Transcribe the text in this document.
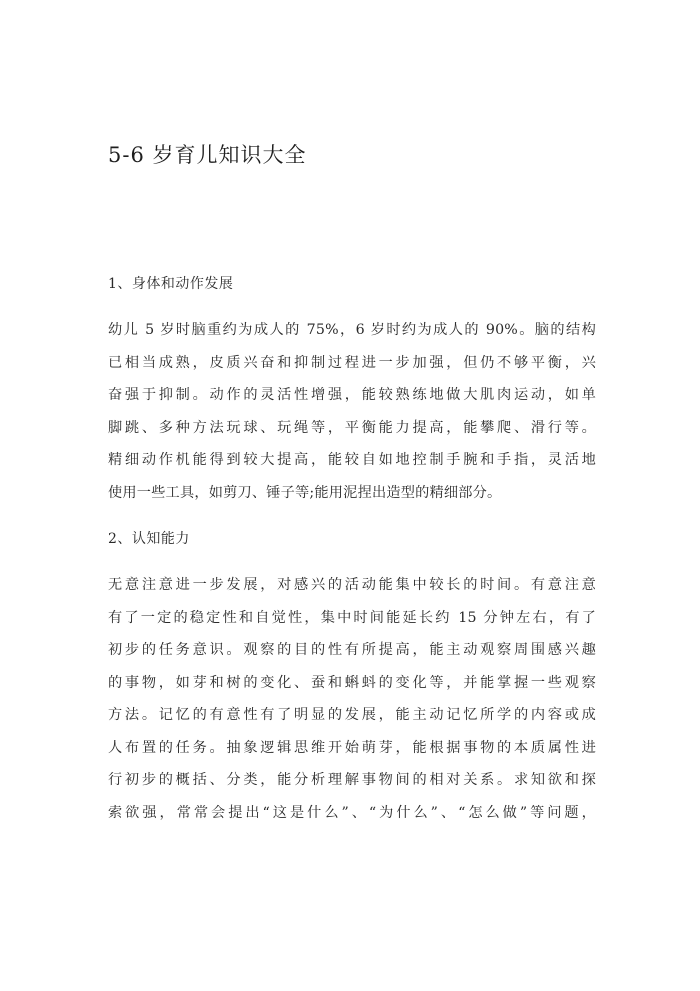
5-6 岁育儿知识大全
1、身体和动作发展
幼儿 5 岁时脑重约为成人的 75%，6 岁时约为成人的 90%。脑的结构
已相当成熟，皮质兴奋和抑制过程进一步加强，但仍不够平衡，兴
奋强于抑制。动作的灵活性增强，能较熟练地做大肌肉运动，如单
脚跳、多种方法玩球、玩绳等，平衡能力提高，能攀爬、滑行等。
精细动作机能得到较大提高，能较自如地控制手腕和手指，灵活地
使用一些工具，如剪刀、锤子等;能用泥捏出造型的精细部分。
2、认知能力
无意注意进一步发展，对感兴的活动能集中较长的时间。有意注意
有了一定的稳定性和自觉性，集中时间能延长约 15 分钟左右，有了
初步的任务意识。观察的目的性有所提高，能主动观察周围感兴趣
的事物，如芽和树的变化、蚕和蝌蚪的变化等，并能掌握一些观察
方法。记忆的有意性有了明显的发展，能主动记忆所学的内容或成
人布置的任务。抽象逻辑思维开始萌芽，能根据事物的本质属性进
行初步的概括、分类，能分析理解事物间的相对关系。求知欲和探
索欲强，常常会提出“这是什么”、“为什么”、“怎么做”等问题，
